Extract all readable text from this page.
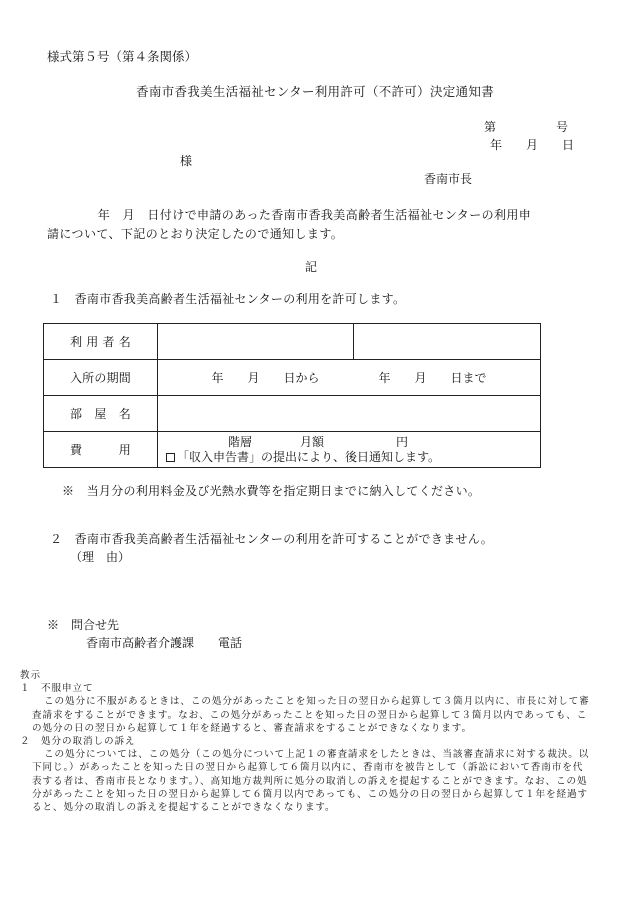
様式第５号（第４条関係）
香南市香我美生活福祉センター利用許可（不許可）決定通知書
第　　　　　号
年　　月　　日
様
香南市長
　　年　月　日付けで申請のあった香南市香我美高齢者生活福祉センターの利用申
請について、下記のとおり決定したので通知します。
記
１　香南市香我美高齢者生活福祉センターの利用を許可します。
利 用 者 名		
入所の期間	年　　月　　日から 年　　月　　日まで	

部　屋　名		
費　　　用	階層　　　　月額　　　　　　円
「収入申告書」の提出により、後日通知します。	
※　当月分の利用料金及び光熱水費等を指定期日までに納入してください。
２　香南市香我美高齢者生活福祉センターの利用を許可することができません。
（理　由）
※　問合せ先
香南市高齢者介護課　　電話
教示
１　不服申立て
この処分に不服があるときは、この処分があったことを知った日の翌日から起算して３箇月以内に、市長に対して審査請求をすることができます。なお、この処分があったことを知った日の翌日から起算して３箇月以内であっても、この処分の日の翌日から起算して１年を経過すると、審査請求をすることができなくなります。
２　処分の取消しの訴え
この処分については、この処分（この処分について上記１の審査請求をしたときは、当該審査請求に対する裁決。以下同じ。）があったことを知った日の翌日から起算して６箇月以内に、香南市を被告として（訴訟において香南市を代表する者は、香南市長となります。）、高知地方裁判所に処分の取消しの訴えを提起することができます。なお、この処分があったことを知った日の翌日から起算して６箇月以内であっても、この処分の日の翌日から起算して１年を経過すると、処分の取消しの訴えを提起することができなくなります。
